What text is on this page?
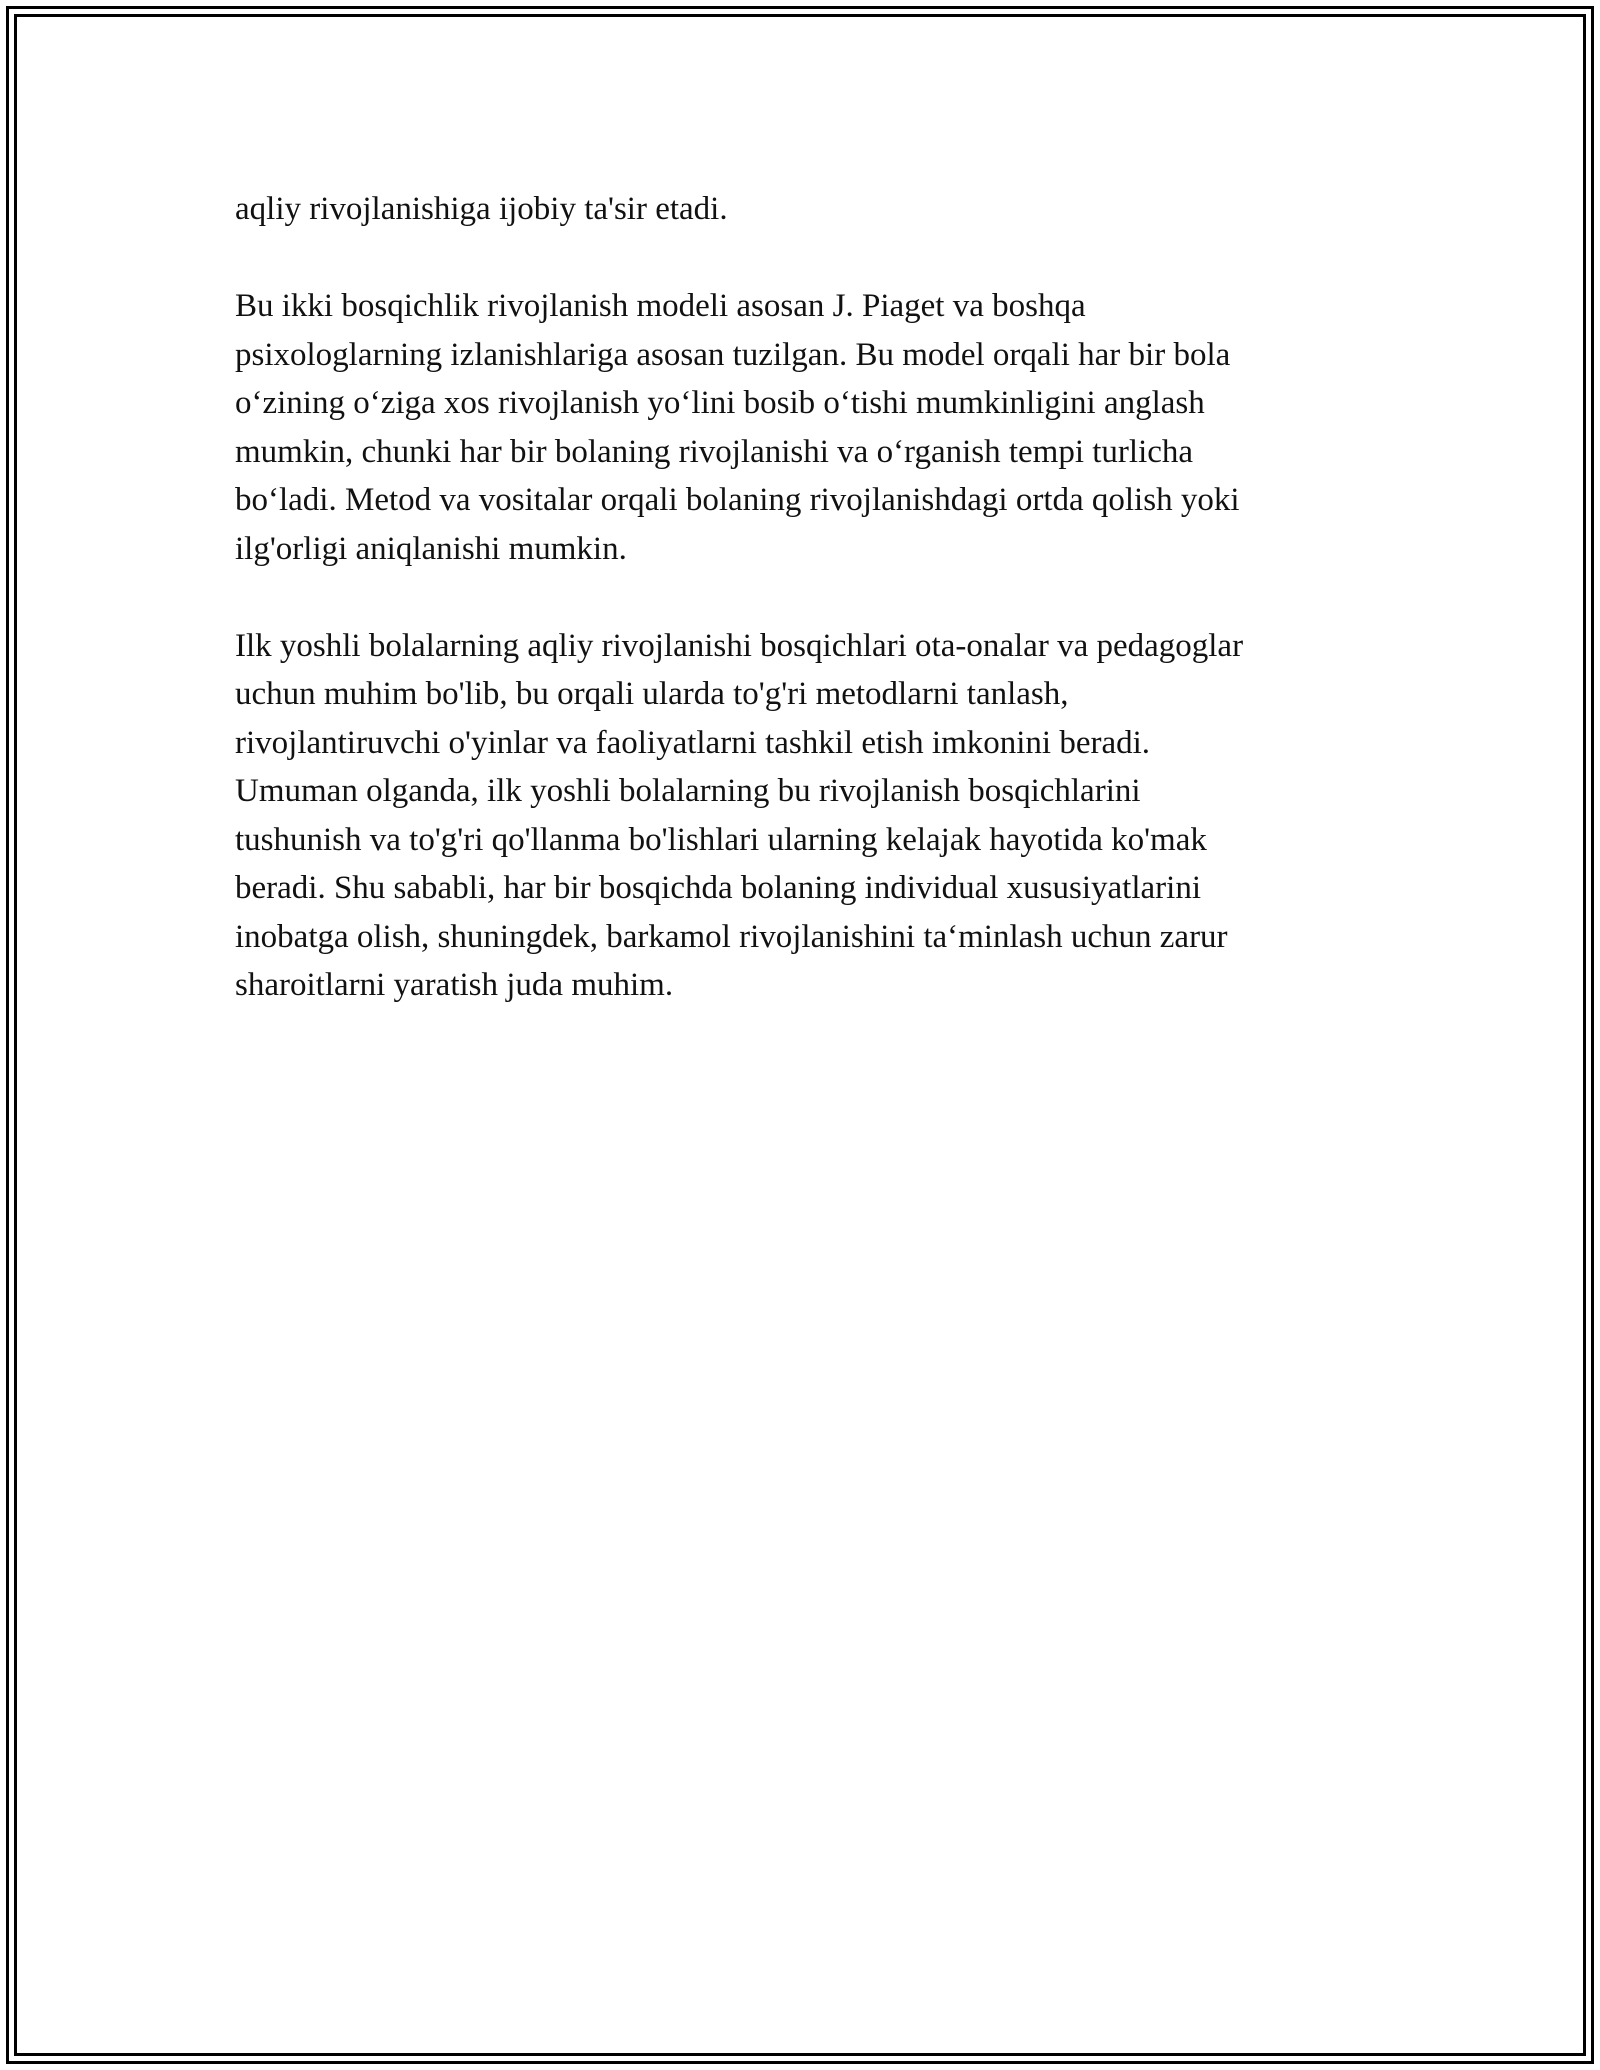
aqliy rivojlanishiga ijobiy ta'sir etadi.

Bu ikki bosqichlik rivojlanish modeli asosan J. Piaget va boshqa
psixologlarning izlanishlariga asosan tuzilgan. Bu model orqali har bir bola
o‘zining o‘ziga xos rivojlanish yo‘lini bosib o‘tishi mumkinligini anglash
mumkin, chunki har bir bolaning rivojlanishi va o‘rganish tempi turlicha
bo‘ladi. Metod va vositalar orqali bolaning rivojlanishdagi ortda qolish yoki
ilg'orligi aniqlanishi mumkin.

Ilk yoshli bolalarning aqliy rivojlanishi bosqichlari ota-onalar va pedagoglar
uchun muhim bo'lib, bu orqali ularda to'g'ri metodlarni tanlash,
rivojlantiruvchi o'yinlar va faoliyatlarni tashkil etish imkonini beradi.
Umuman olganda, ilk yoshli bolalarning bu rivojlanish bosqichlarini
tushunish va to'g'ri qo'llanma bo'lishlari ularning kelajak hayotida ko'mak
beradi. Shu sababli, har bir bosqichda bolaning individual xususiyatlarini
inobatga olish, shuningdek, barkamol rivojlanishini ta‘minlash uchun zarur
sharoitlarni yaratish juda muhim.
